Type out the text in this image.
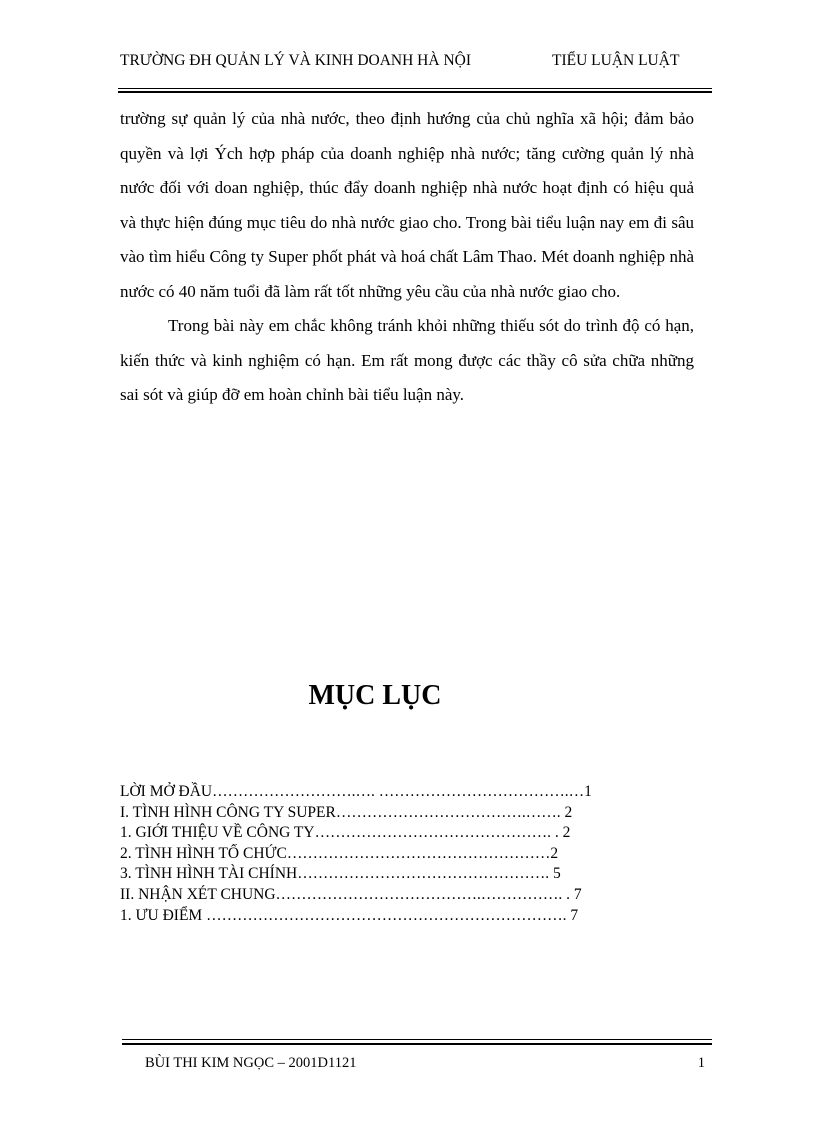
TRƯỜNG ĐH QUẢN LÝ VÀ KINH DOANH HÀ NỘI	TIỂU LUẬN LUẬT

trường sự quản lý của nhà nước, theo định hướng của chủ nghĩa xã hội; đảm bảo quyền và lợi Ých hợp pháp của doanh nghiệp nhà nước; tăng cường quản lý nhà nước đối với doan nghiệp, thúc đẩy doanh nghiệp nhà nước hoạt định có hiệu quả và thực hiện đúng mục tiêu do nhà nước giao cho. Trong bài tiểu luận nay em đi sâu vào tìm hiểu Công ty Super phốt phát và hoá chất Lâm Thao. Mét doanh nghiệp nhà nước có 40 năm tuổi đã làm rất tốt những yêu cầu của nhà nước giao cho.

Trong bài này em chắc không tránh khỏi những thiếu sót do trình độ có hạn, kiến thức và kinh nghiệm có hạn. Em rất mong được các thầy cô sửa chữa những sai sót và giúp đỡ em hoàn chỉnh bài tiểu luận này.

MỤC LỤC
LỜI MỞ ĐẦU……………………….…. ……………………………….…1
I. TÌNH HÌNH CÔNG TY SUPER……………………………….……. 2
1. GIỚI THIỆU VỀ CÔNG TY………………………………………. . 2
2. TÌNH HÌNH TỔ CHỨC……………………………………………2
3. TÌNH HÌNH TÀI CHÍNH…………………………………………. 5
II. NHẬN XÉT CHUNG………………………………….……………. . 7
1. ƯU ĐIỂM ……………………………………………………………. 7
BÙI THI KIM NGỌC – 2001D1121	1
